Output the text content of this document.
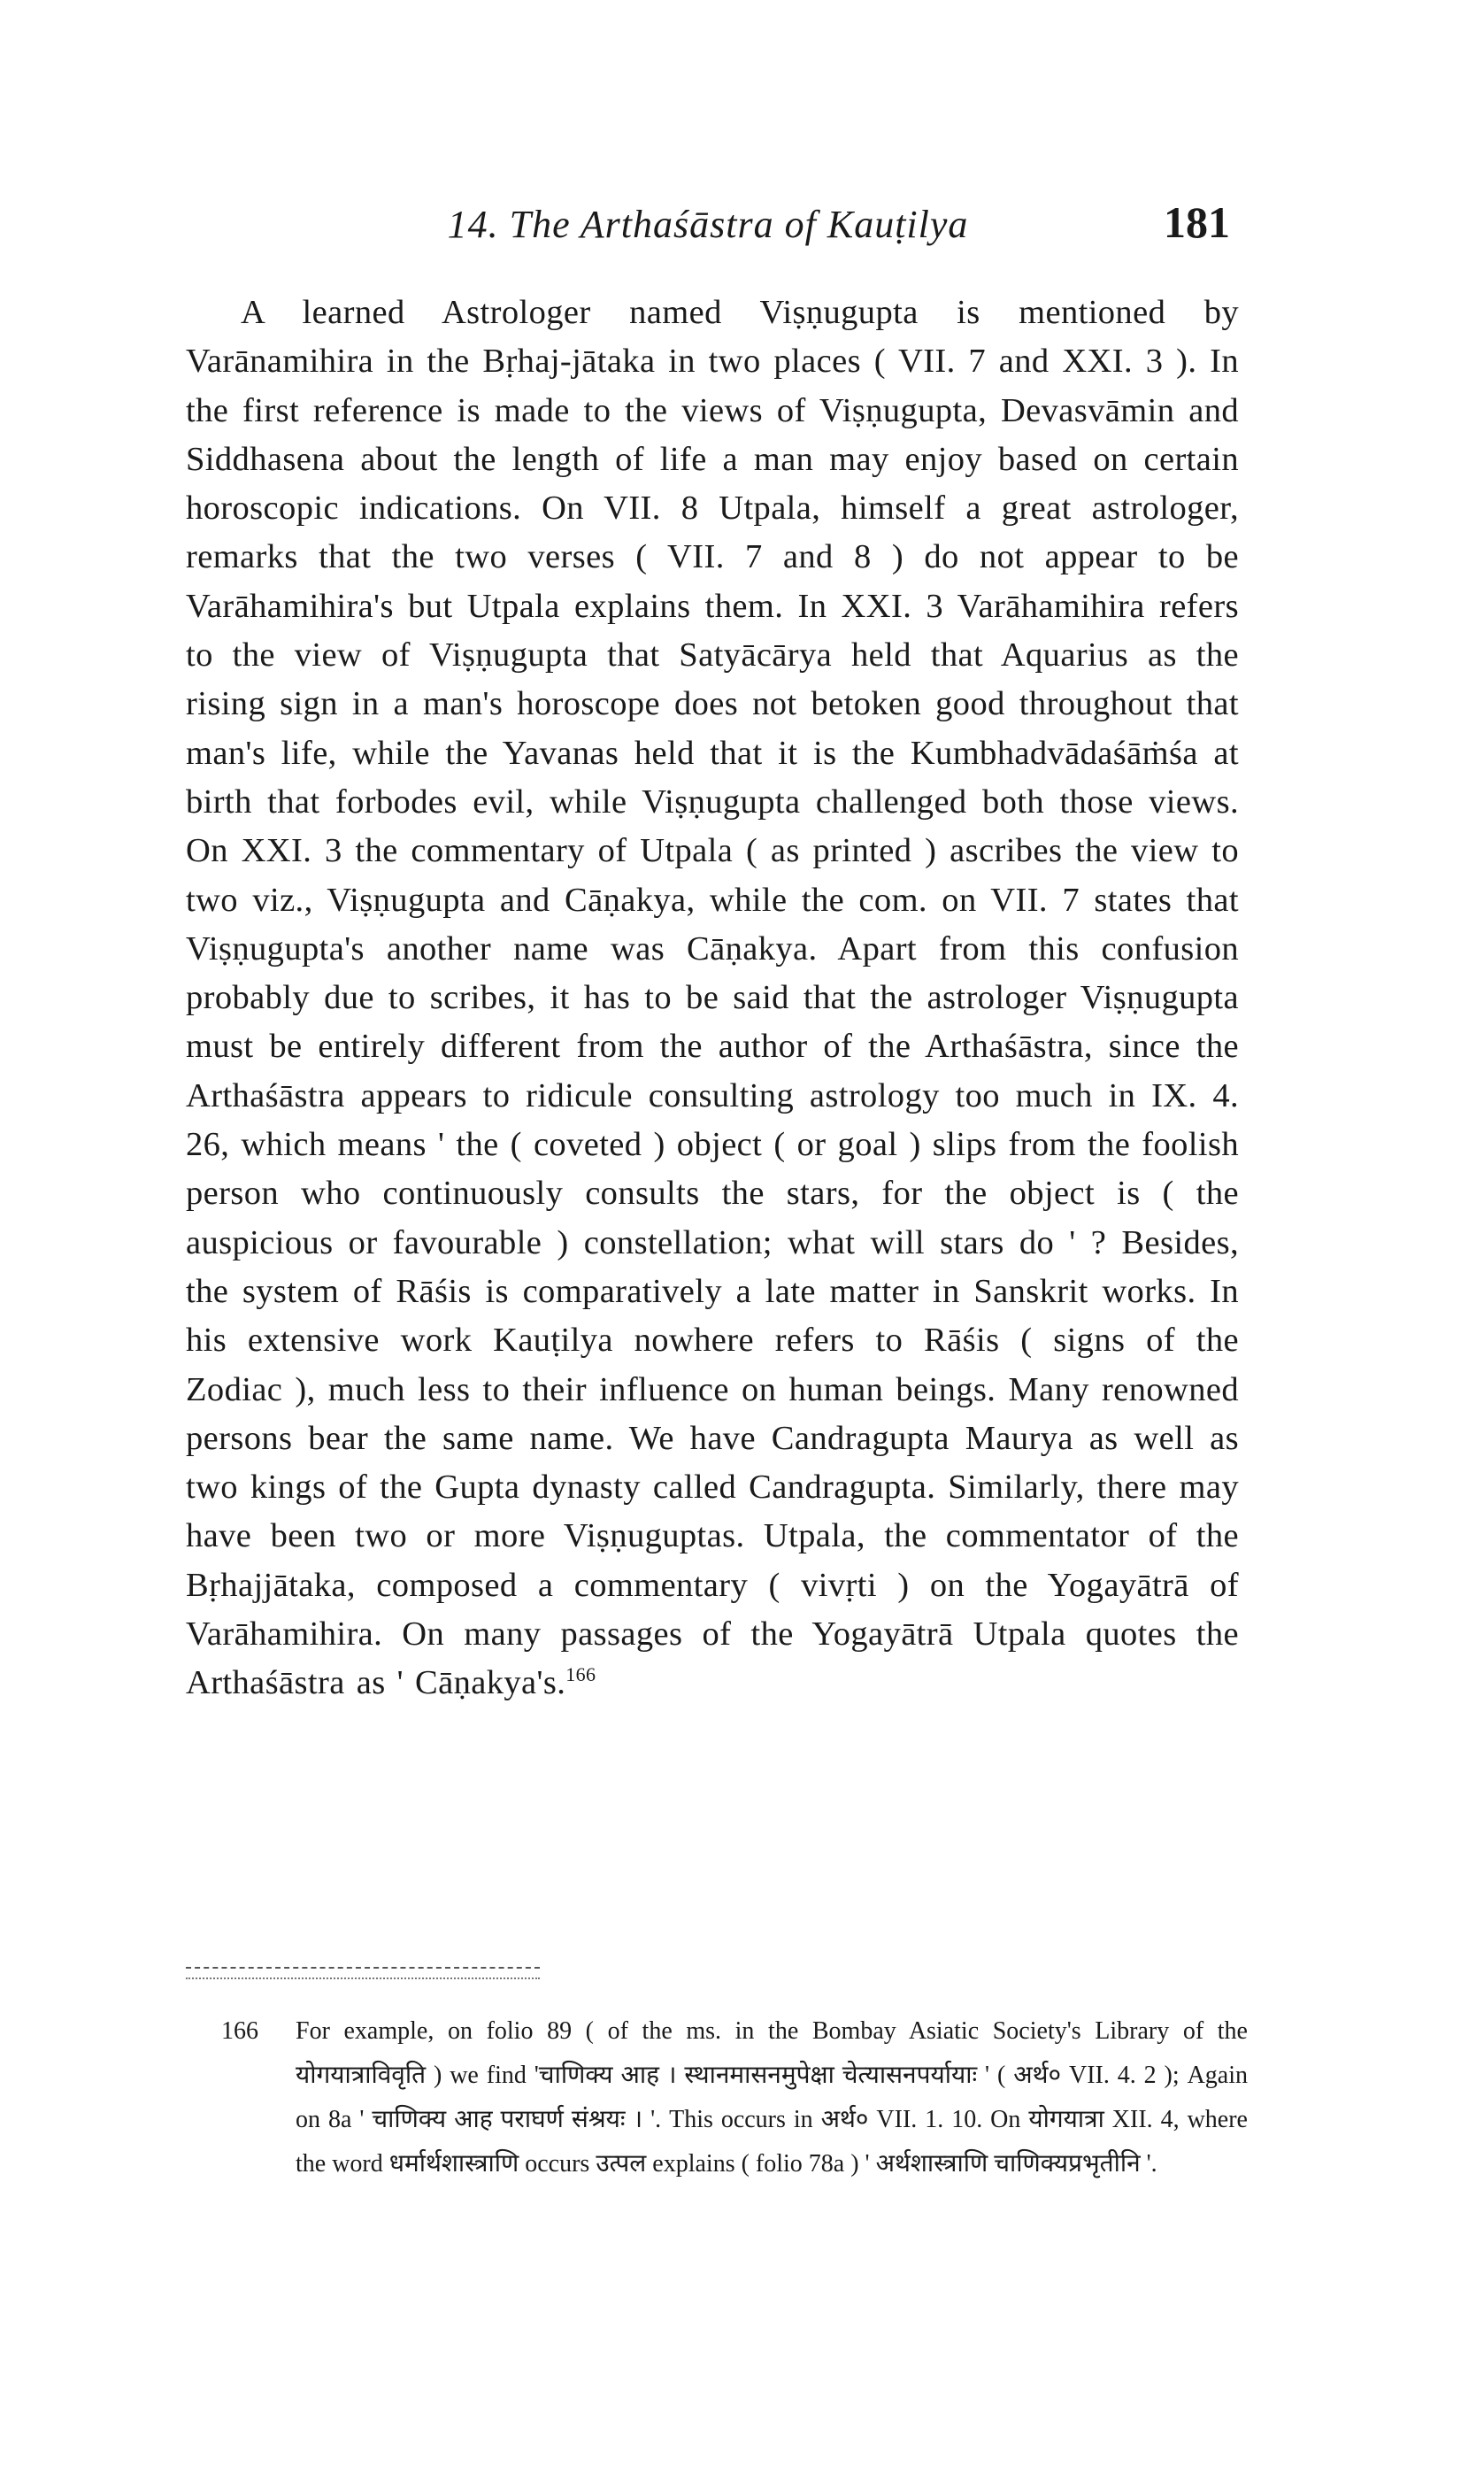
14. The Arthaśāstra of Kauṭilya	181

A learned Astrologer named Viṣṇugupta is mentioned by Varānamihira in the Bṛhaj-jātaka in two places ( VII. 7 and XXI. 3 ). In the first reference is made to the views of Viṣṇugupta, Devasvāmin and Siddhasena about the length of life a man may enjoy based on certain horoscopic indications. On VII. 8 Utpala, himself a great astrologer, remarks that the two verses ( VII. 7 and 8 ) do not appear to be Varāhamihira's but Utpala explains them. In XXI. 3 Varāhamihira refers to the view of Viṣṇugupta that Satyācārya held that Aquarius as the rising sign in a man's horoscope does not betoken good throughout that man's life, while the Yavanas held that it is the Kumbhadvādaśāṁśa at birth that forbodes evil, while Viṣṇugupta challenged both those views. On XXI. 3 the commentary of Utpala ( as printed ) ascribes the view to two viz., Viṣṇugupta and Cāṇakya, while the com. on VII. 7 states that Viṣṇugupta's another name was Cāṇakya. Apart from this confusion probably due to scribes, it has to be said that the astrologer Viṣṇugupta must be entirely different from the author of the Arthaśāstra, since the Arthaśāstra appears to ridicule consulting astrology too much in IX. 4. 26, which means ' the ( coveted ) object ( or goal ) slips from the foolish person who continuously consults the stars, for the object is ( the auspicious or favourable ) constellation; what will stars do ' ? Besides, the system of Rāśis is comparatively a late matter in Sanskrit works. In his extensive work Kauṭilya nowhere refers to Rāśis ( signs of the Zodiac ), much less to their influence on human beings. Many renowned persons bear the same name. We have Candragupta Maurya as well as two kings of the Gupta dynasty called Candragupta. Similarly, there may have been two or more Viṣṇuguptas. Utpala, the commentator of the Bṛhajjātaka, composed a commentary ( vivṛti ) on the Yogayātrā of Varāhamihira. On many passages of the Yogayātrā Utpala quotes the Arthaśāstra as ' Cāṇakya's.$^{166}$

166	For example, on folio 89 ( of the ms. in the Bombay Asiatic Society's Library of the योगयात्राविवृति ) we find 'चाणिक्य आह । स्थानमासनमुपेक्षा चेत्यासनपर्यायाः ' ( अर्थ० VII. 4. 2 ); Again on 8a ' चाणिक्य आह पराघर्ण संश्रयः । '. This occurs in अर्थ० VII. 1. 10. On योगयात्रा XII. 4, where the word धर्मार्थशास्त्राणि occurs उत्पल explains ( folio 78a ) ' अर्थशास्त्राणि चाणिक्यप्रभृतीनि '.
